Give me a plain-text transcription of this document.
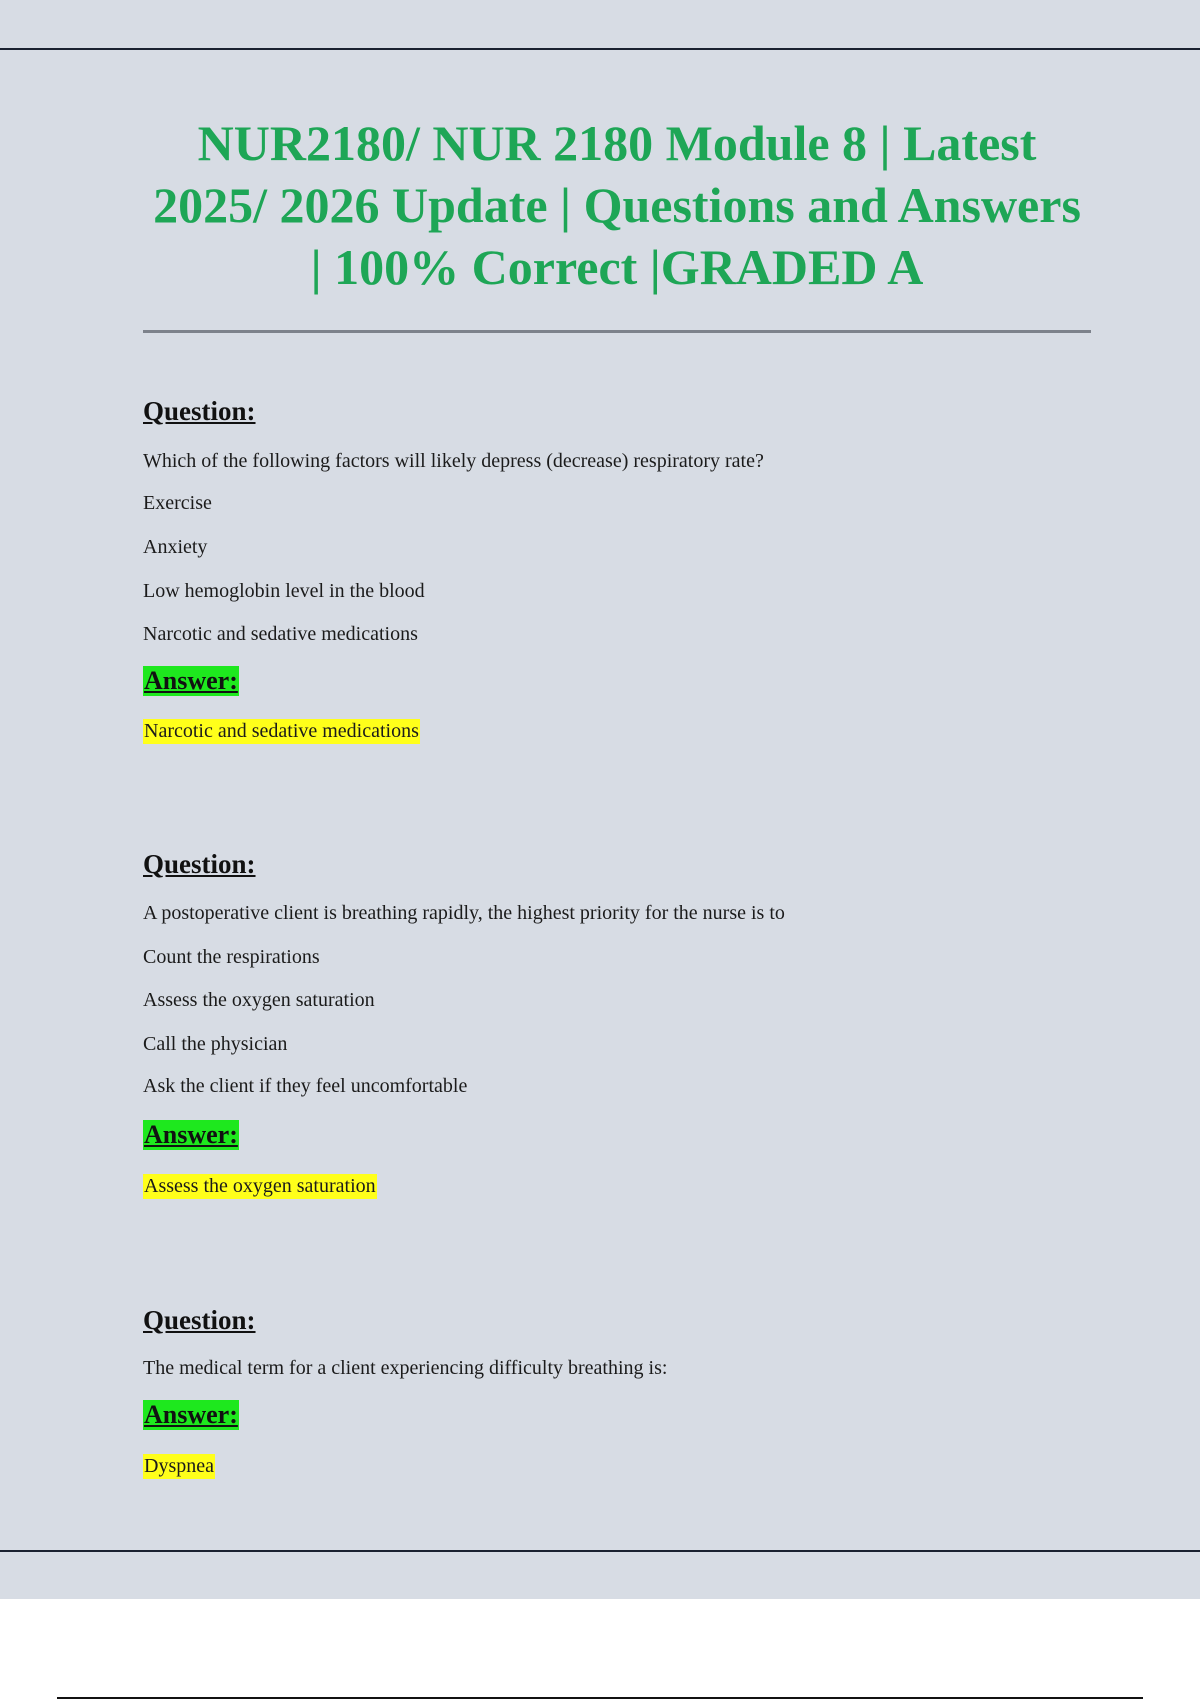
NUR2180/ NUR 2180 Module 8 | Latest 2025/ 2026 Update | Questions and Answers | 100% Correct |GRADED A
Question:
Which of the following factors will likely depress (decrease) respiratory rate?
Exercise
Anxiety
Low hemoglobin level in the blood
Narcotic and sedative medications
Answer:
Narcotic and sedative medications
Question:
A postoperative client is breathing rapidly, the highest priority for the nurse is to
Count the respirations
Assess the oxygen saturation
Call the physician
Ask the client if they feel uncomfortable
Answer:
Assess the oxygen saturation
Question:
The medical term for a client experiencing difficulty breathing is:
Answer:
Dyspnea
